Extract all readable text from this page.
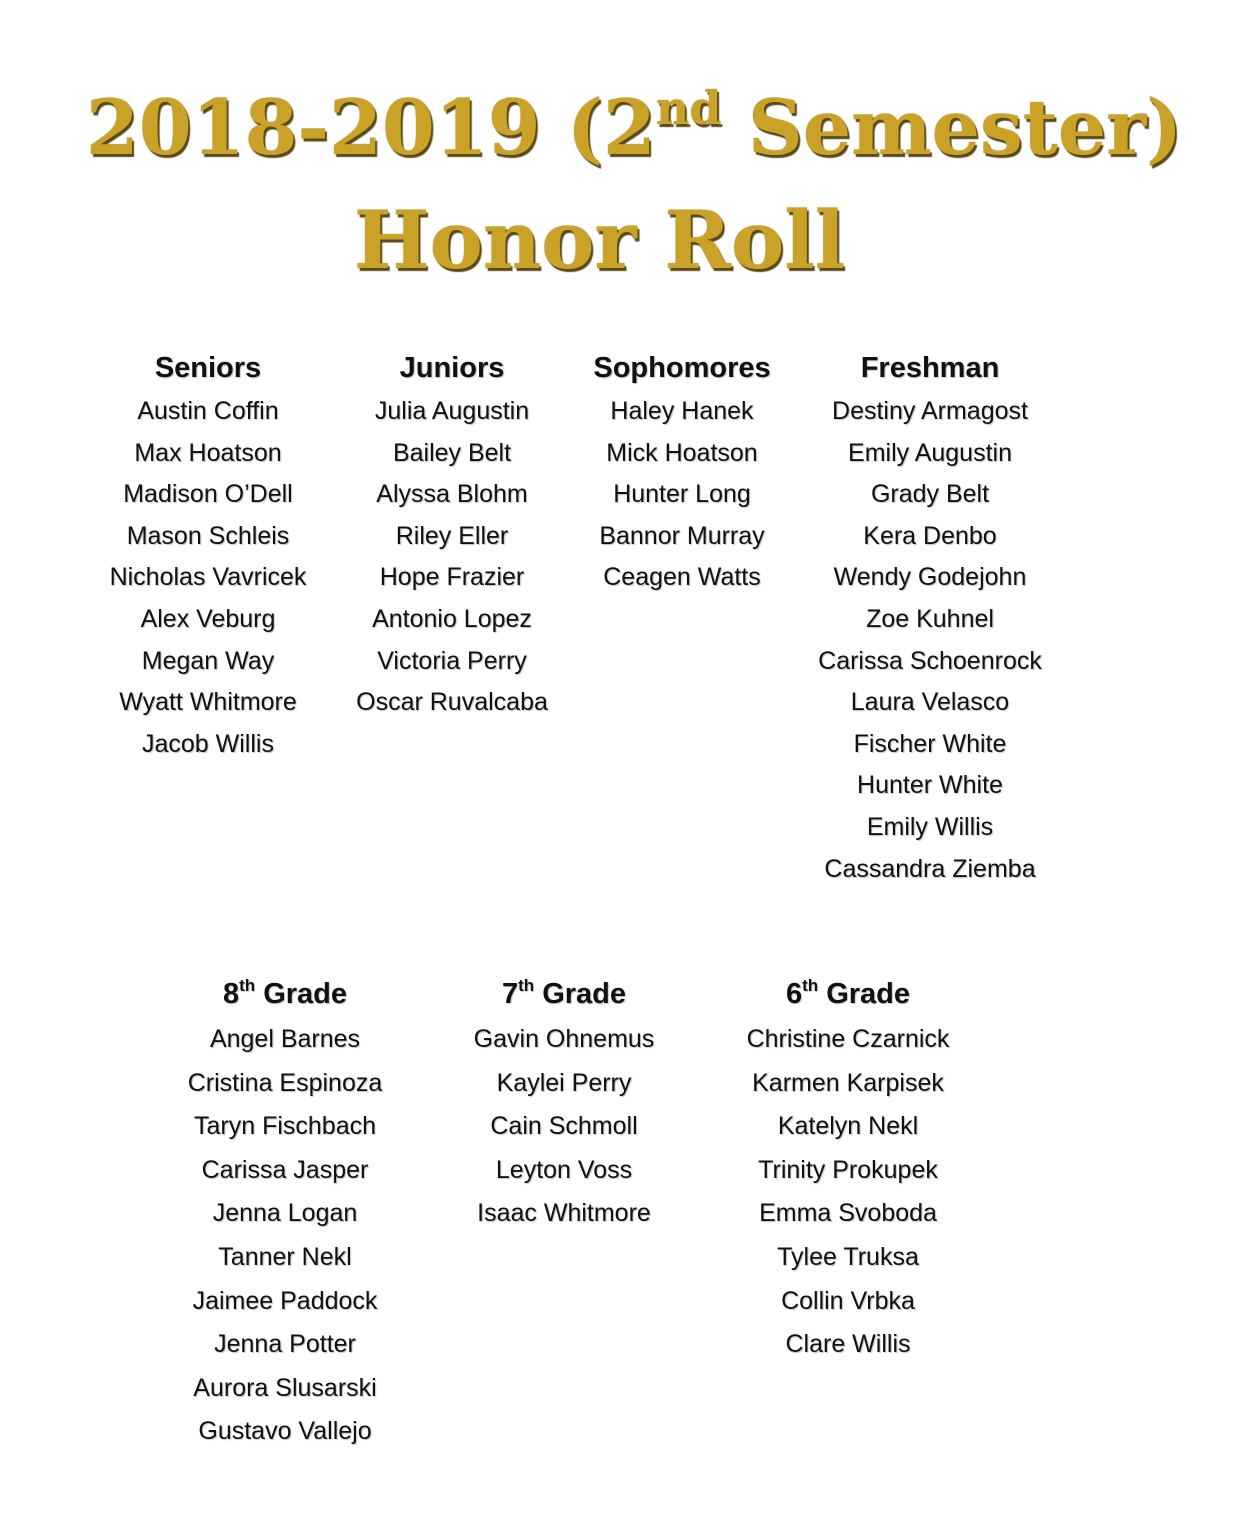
2018-2019 (2nd Semester)
Honor Roll
Seniors
Austin Coffin
Max Hoatson
Madison O’Dell
Mason Schleis
Nicholas Vavricek
Alex Veburg
Megan Way
Wyatt Whitmore
Jacob Willis
Juniors
Julia Augustin
Bailey Belt
Alyssa Blohm
Riley Eller
Hope Frazier
Antonio Lopez
Victoria Perry
Oscar Ruvalcaba
Sophomores
Haley Hanek
Mick Hoatson
Hunter Long
Bannor Murray
Ceagen Watts
Freshman
Destiny Armagost
Emily Augustin
Grady Belt
Kera Denbo
Wendy Godejohn
Zoe Kuhnel
Carissa Schoenrock
Laura Velasco
Fischer White
Hunter White
Emily Willis
Cassandra Ziemba
8th Grade
Angel Barnes
Cristina Espinoza
Taryn Fischbach
Carissa Jasper
Jenna Logan
Tanner Nekl
Jaimee Paddock
Jenna Potter
Aurora Slusarski
Gustavo Vallejo
7th Grade
Gavin Ohnemus
Kaylei Perry
Cain Schmoll
Leyton Voss
Isaac Whitmore
6th Grade
Christine Czarnick
Karmen Karpisek
Katelyn Nekl
Trinity Prokupek
Emma Svoboda
Tylee Truksa
Collin Vrbka
Clare Willis
